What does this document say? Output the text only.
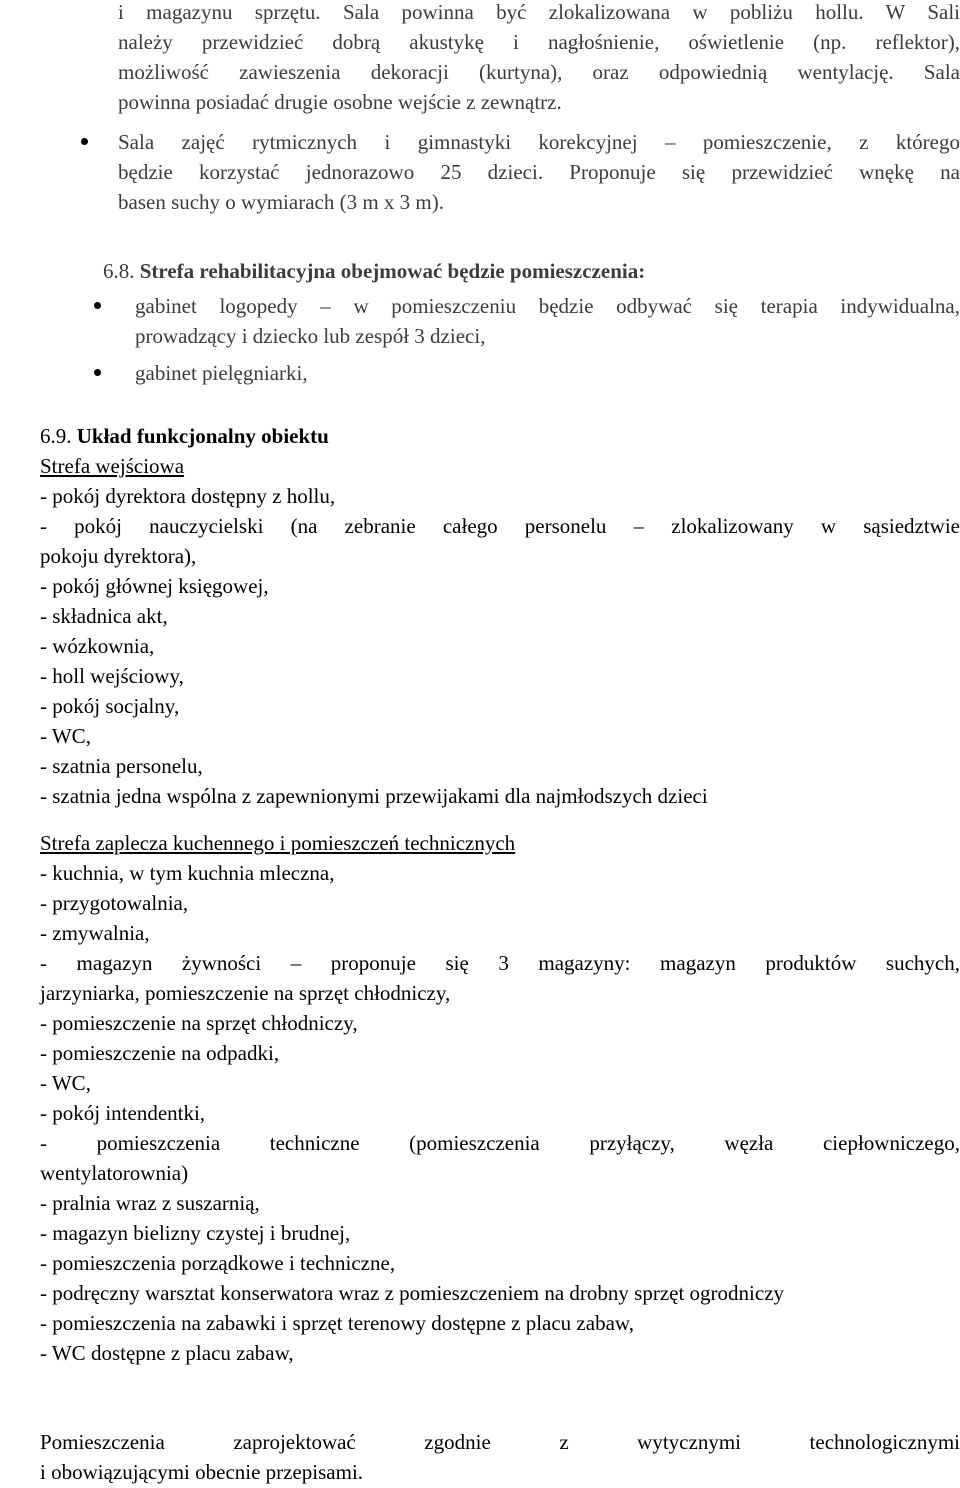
i magazynu sprzętu. Sala powinna być zlokalizowana w pobliżu hollu. W Sali

należy przewidzieć dobrą akustykę i nagłośnienie, oświetlenie (np. reflektor),

możliwość zawieszenia dekoracji (kurtyna), oraz odpowiednią wentylację. Sala

powinna posiadać drugie osobne wejście z zewnątrz.

Sala zajęć rytmicznych i gimnastyki korekcyjnej – pomieszczenie, z którego

będzie korzystać jednorazowo 25 dzieci. Proponuje się przewidzieć wnękę na

basen suchy o wymiarach (3 m x 3 m).

6.8. Strefa rehabilitacyjna obejmować będzie pomieszczenia:

gabinet logopedy – w pomieszczeniu będzie odbywać się terapia indywidualna,

prowadzący i dziecko lub zespół 3 dzieci,

gabinet pielęgniarki,

6.9. Układ funkcjonalny obiektu
Strefa wejściowa
- pokój dyrektora dostępny z hollu,
- pokój nauczycielski (na zebranie całego personelu – zlokalizowany w sąsiedztwie
pokoju dyrektora),
- pokój głównej księgowej,
- składnica akt,
- wózkownia,
- holl wejściowy,
- pokój socjalny,
- WC,
- szatnia personelu,
- szatnia jedna wspólna z zapewnionymi przewijakami dla najmłodszych dzieci
Strefa zaplecza kuchennego i pomieszczeń technicznych
- kuchnia, w tym kuchnia mleczna,
- przygotowalnia,
- zmywalnia,
- magazyn żywności – proponuje się 3 magazyny: magazyn produktów suchych,
jarzyniarka, pomieszczenie na sprzęt chłodniczy,
- pomieszczenie na sprzęt chłodniczy,
- pomieszczenie na odpadki,
- WC,
- pokój intendentki,
- pomieszczenia techniczne (pomieszczenia przyłączy, węzła ciepłowniczego,
wentylatorownia)
- pralnia wraz z suszarnią,
- magazyn bielizny czystej i brudnej,
- pomieszczenia porządkowe i techniczne,
- podręczny warsztat konserwatora wraz z pomieszczeniem na drobny sprzęt ogrodniczy
- pomieszczenia na zabawki i sprzęt terenowy dostępne z placu zabaw,
- WC dostępne z placu zabaw,
Pomieszczenia zaprojektować zgodnie z wytycznymi technologicznymi
i obowiązującymi obecnie przepisami.
